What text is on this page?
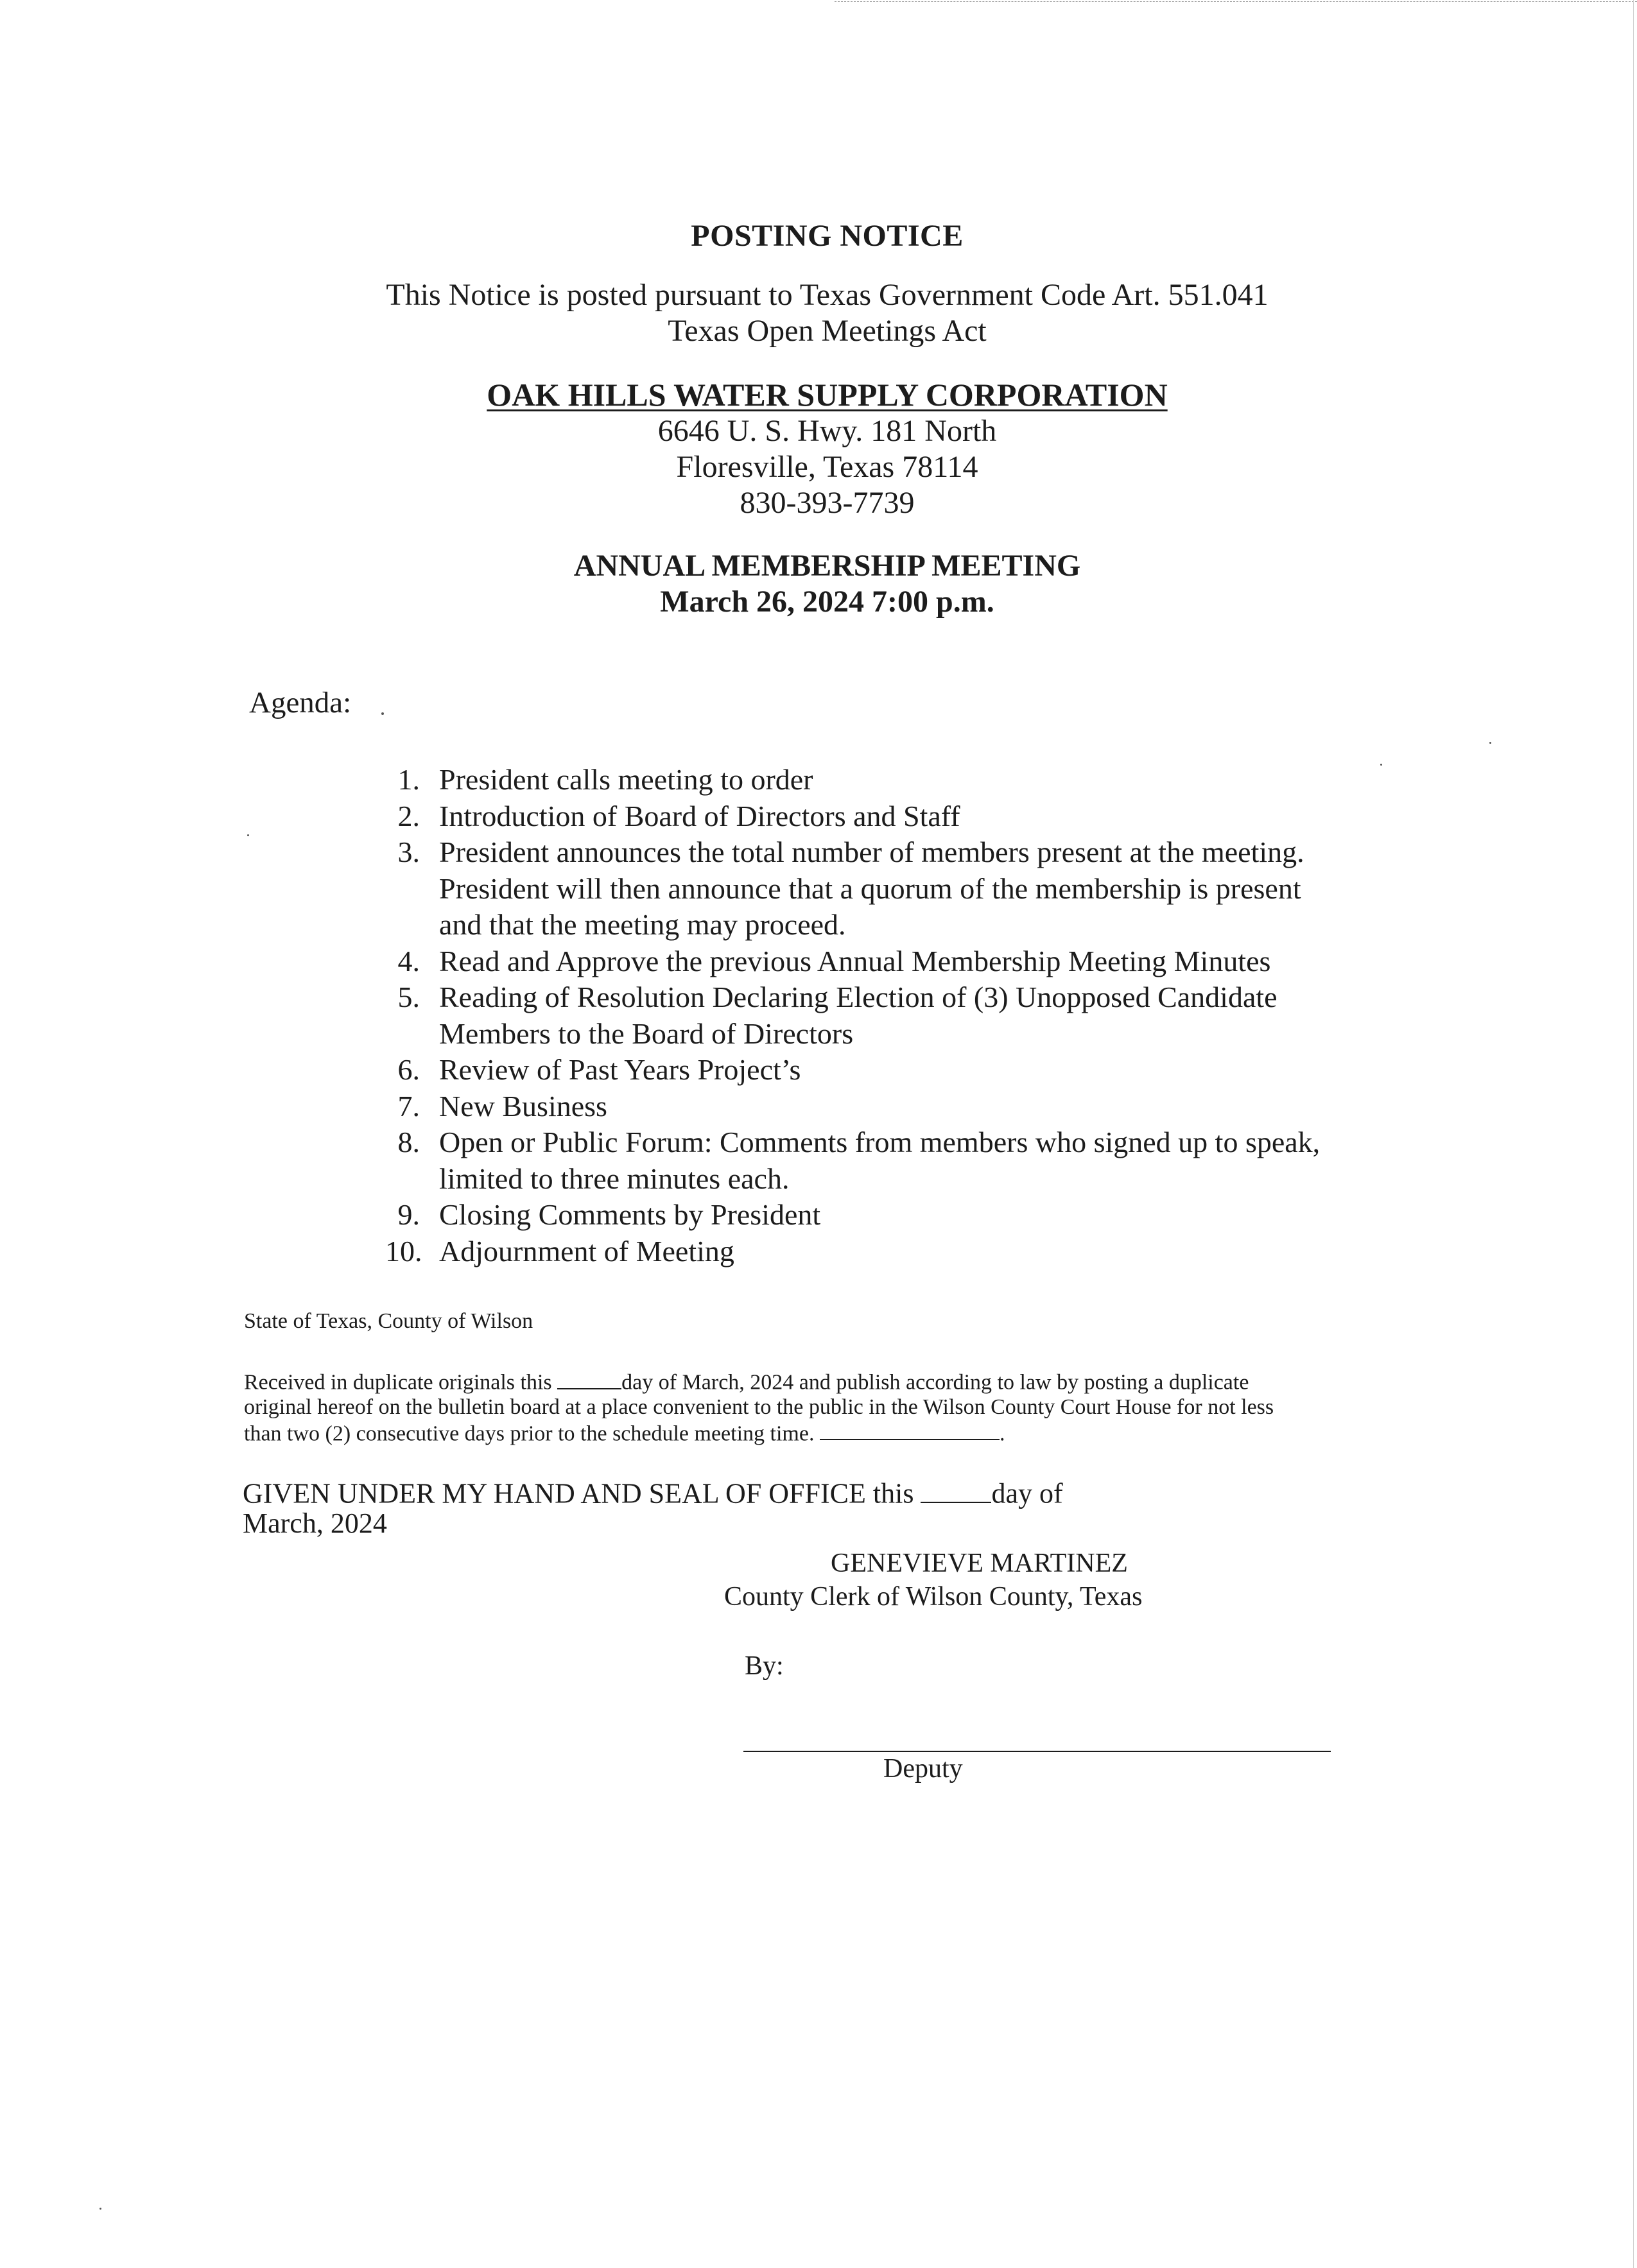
POSTING NOTICE
This Notice is posted pursuant to Texas Government Code Art. 551.041
Texas Open Meetings Act
OAK HILLS WATER SUPPLY CORPORATION
6646 U. S. Hwy. 181 North
Floresville, Texas 78114
830-393-7739
ANNUAL MEMBERSHIP MEETING
March 26, 2024 7:00 p.m.
Agenda:
1. President calls meeting to order
2. Introduction of Board of Directors and Staff
3. President announces the total number of members present at the meeting.
President will then announce that a quorum of the membership is present
and that the meeting may proceed.
4. Read and Approve the previous Annual Membership Meeting Minutes
5. Reading of Resolution Declaring Election of (3) Unopposed Candidate
Members to the Board of Directors
6. Review of Past Years Project’s
7. New Business
8. Open or Public Forum: Comments from members who signed up to speak,
limited to three minutes each.
9. Closing Comments by President
10. Adjournment of Meeting
State of Texas, County of Wilson
Received in duplicate originals this	day of March, 2024 and publish according to law by posting a duplicate
original hereof on the bulletin board at a place convenient to the public in the Wilson County Court House for not less
than two (2) consecutive days prior to the schedule meeting time.	.
GIVEN UNDER MY HAND AND SEAL OF OFFICE this	day of
March, 2024
GENEVIEVE MARTINEZ
County Clerk of Wilson County, Texas
By:
Deputy
